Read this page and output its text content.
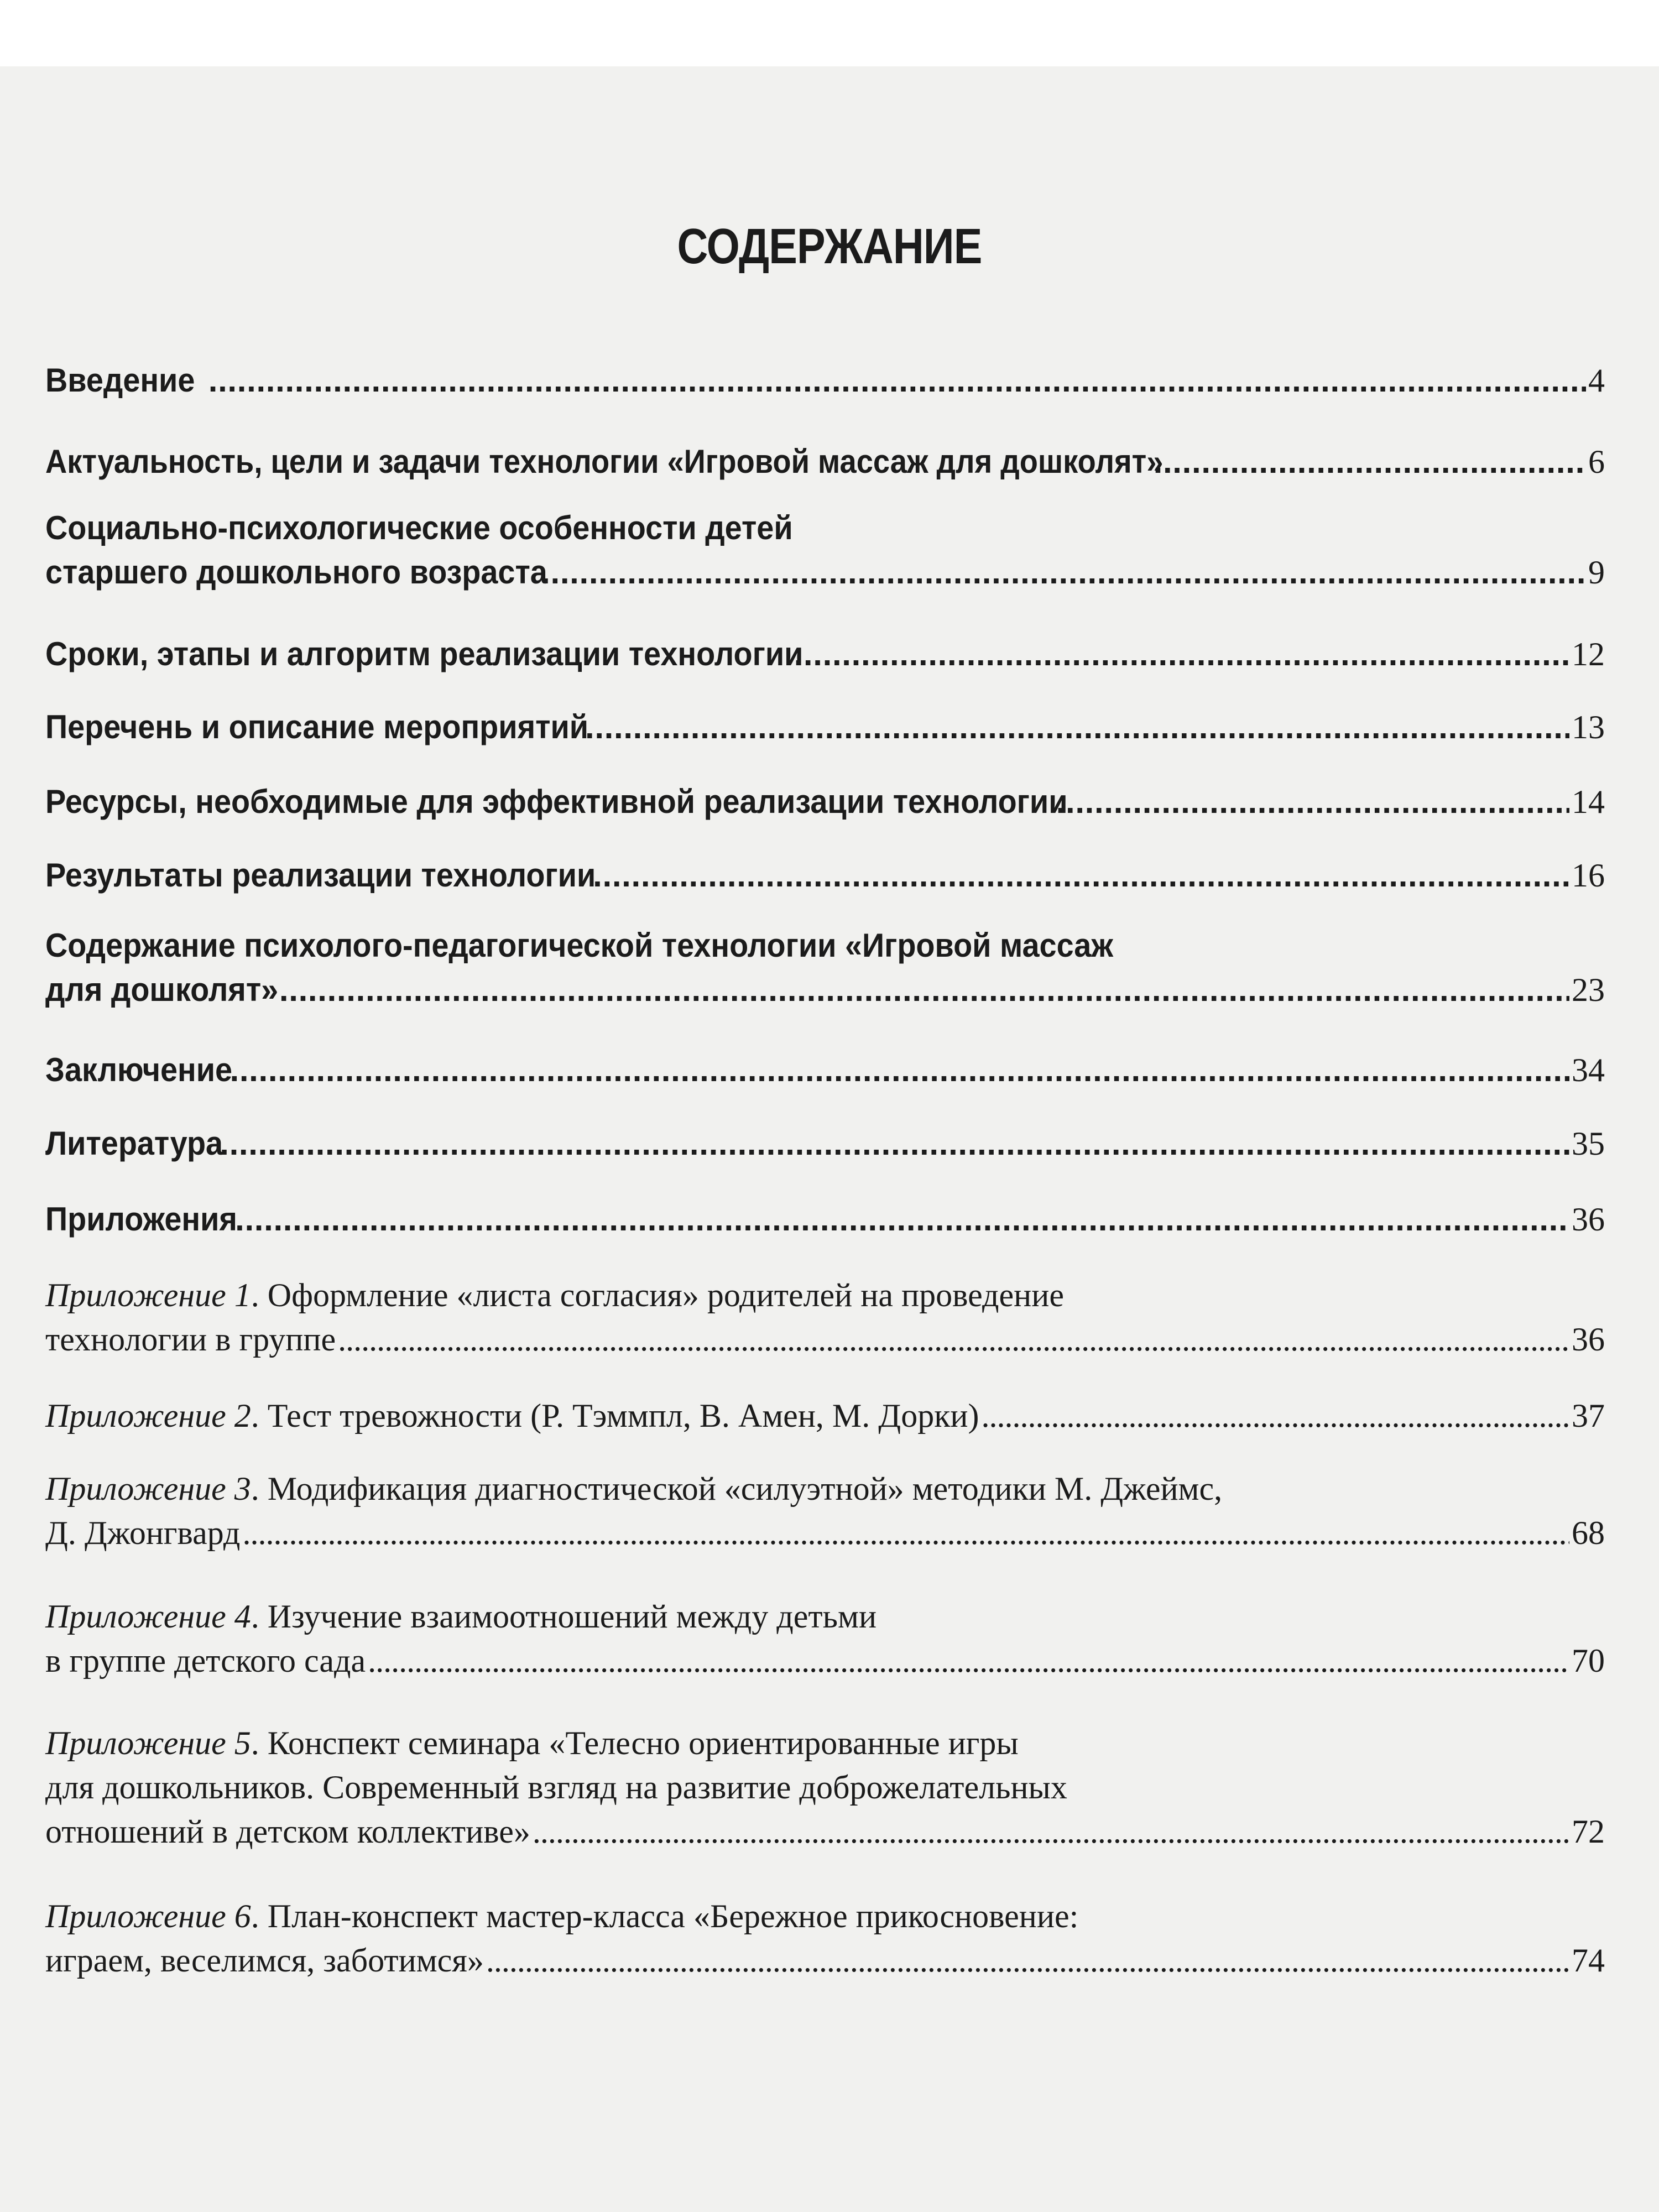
СОДЕРЖАНИЕ
Введение . . .	4
Актуальность, цели и задачи технологии «Игровой массаж для дошколят» . . .	6
Социально-психологические особенности детей
старшего дошкольного возраста . . .	9
Сроки, этапы и алгоритм реализации технологии . . .	12
Перечень и описание мероприятий . . .	13
Ресурсы, необходимые для эффективной реализации технологии . . .	14
Результаты реализации технологии . . .	16
Содержание психолого-педагогической технологии «Игровой массаж
для дошколят» . . .	23
Заключение . . .	34
Литература . . .	35
Приложения . . .	36
Приложение 1. Оформление «листа согласия» родителей на проведение
технологии в группе . . .	36
Приложение 2. Тест тревожности (Р. Тэммпл, В. Амен, М. Дорки) . . .	37
Приложение 3. Модификация диагностической «силуэтной» методики М. Джеймс,
Д. Джонгвард . . .	68
Приложение 4. Изучение взаимоотношений между детьми
в группе детского сада . . .	70
Приложение 5. Конспект семинара «Телесно ориентированные игры
для дошкольников. Современный взгляд на развитие доброжелательных
отношений в детском коллективе» . . .	72
Приложение 6. План-конспект мастер-класса «Бережное прикосновение:
играем, веселимся, заботимся» . . .	74
